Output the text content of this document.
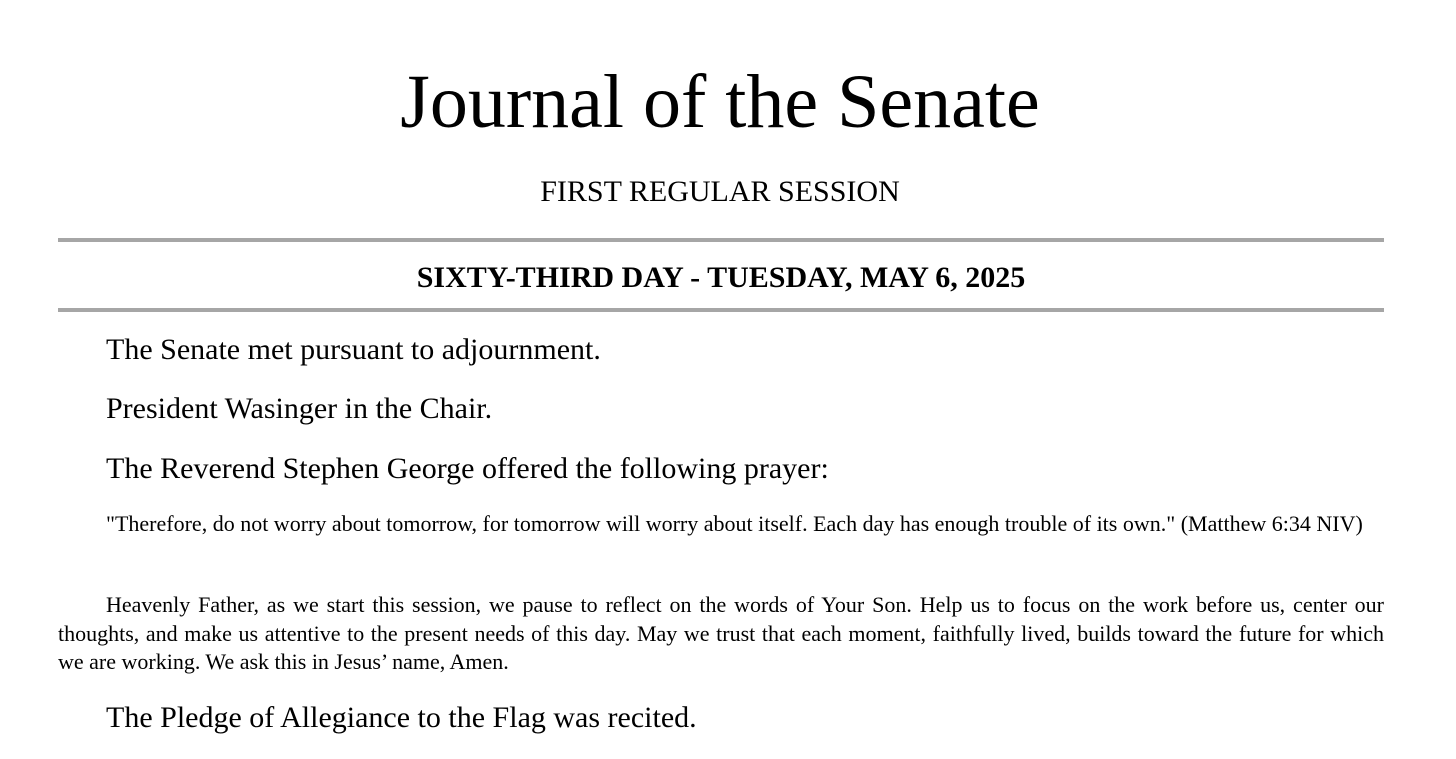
Journal of the Senate
FIRST REGULAR SESSION
SIXTY-THIRD DAY - TUESDAY, MAY 6, 2025

The Senate met pursuant to adjournment.

President Wasinger in the Chair.

The Reverend Stephen George offered the following prayer:

"Therefore, do not worry about tomorrow, for tomorrow will worry about itself. Each day has enough trouble of its own." (Matthew 6:34 NIV)

Heavenly Father, as we start this session, we pause to reflect on the words of Your Son. Help us to focus on the work before us, center our thoughts, and make us attentive to the present needs of this day. May we trust that each moment, faithfully lived, builds toward the future for which we are working. We ask this in Jesus’ name, Amen.

The Pledge of Allegiance to the Flag was recited.
